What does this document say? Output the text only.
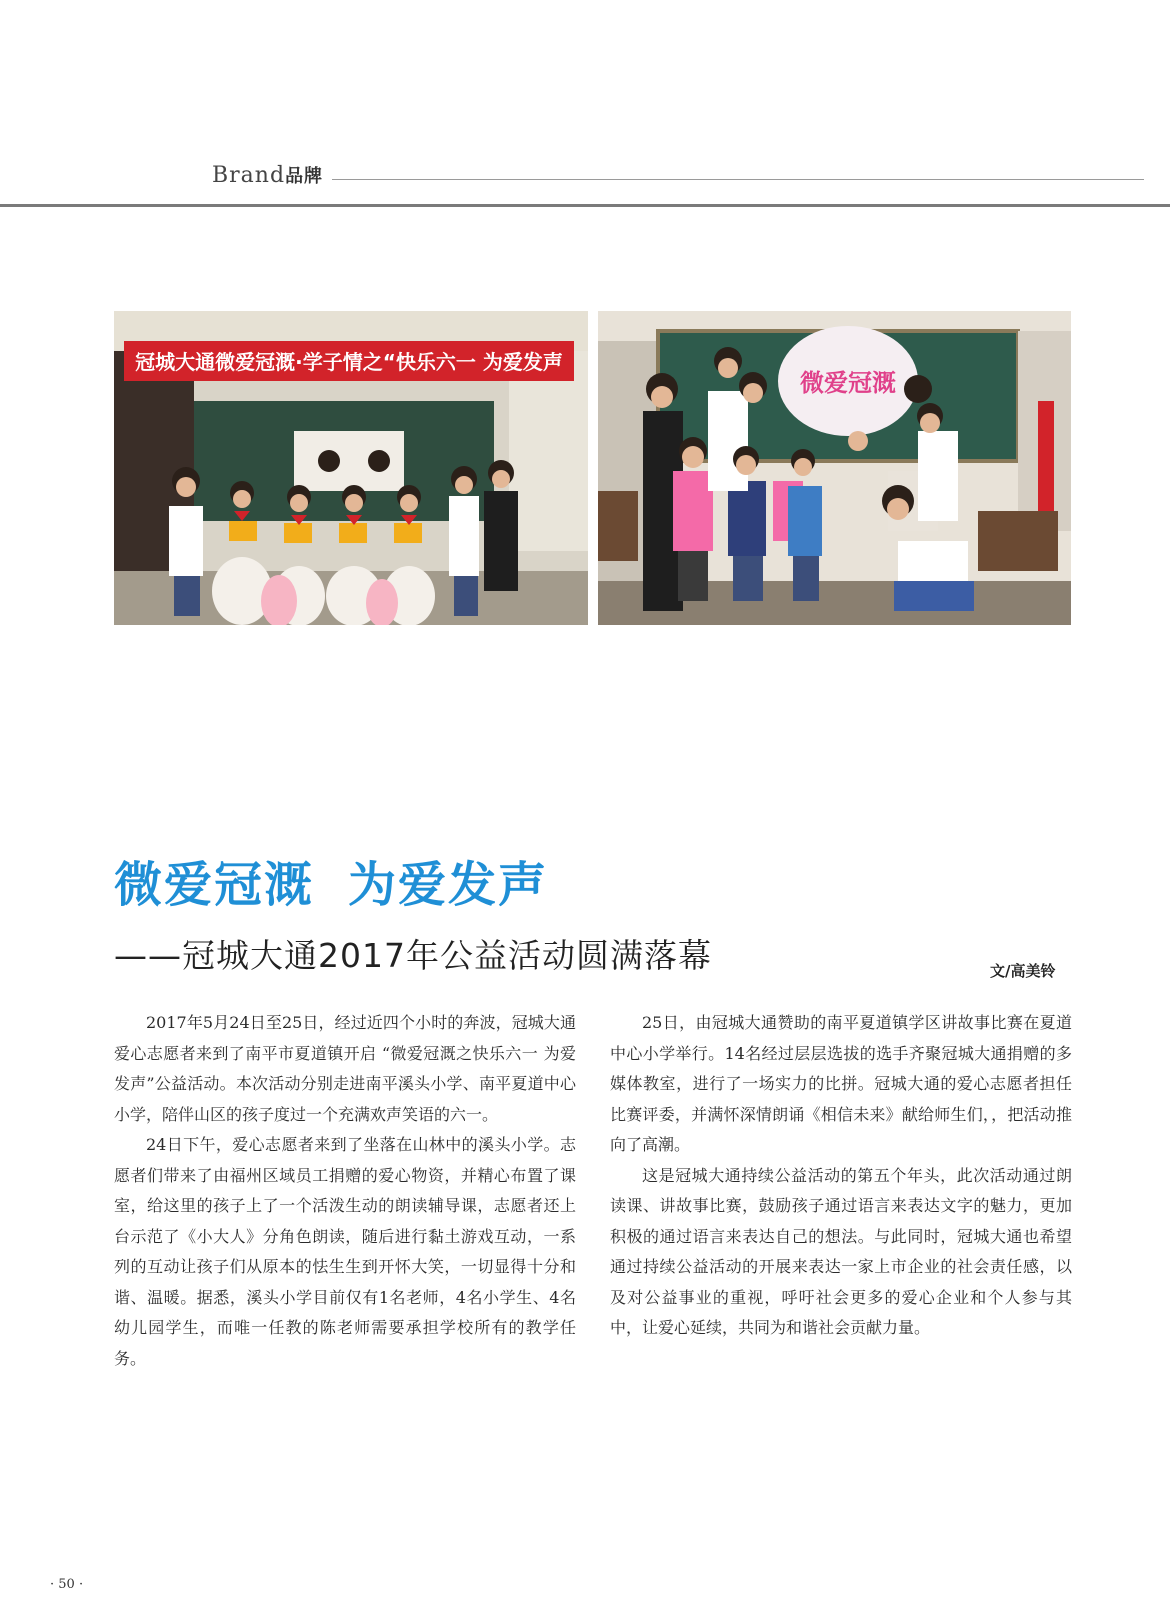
Brand品牌
冠城大通微爱冠溉·学子情之“快乐六一 为爱发声
微爱冠溉
微爱冠溉 为爱发声
——冠城大通2017年公益活动圆满落幕	文/高美铃

2017年5月24日至25日，经过近四个小时的奔波，冠城大通爱心志愿者来到了南平市夏道镇开启 “微爱冠溉之快乐六一 为爱发声”公益活动。本次活动分别走进南平溪头小学、南平夏道中心小学，陪伴山区的孩子度过一个充满欢声笑语的六一。

24日下午，爱心志愿者来到了坐落在山林中的溪头小学。志愿者们带来了由福州区域员工捐赠的爱心物资，并精心布置了课室，给这里的孩子上了一个活泼生动的朗读辅导课，志愿者还上台示范了《小大人》分角色朗读，随后进行黏土游戏互动，一系列的互动让孩子们从原本的怯生生到开怀大笑，一切显得十分和谐、温暖。据悉，溪头小学目前仅有1名老师，4名小学生、4名幼儿园学生，而唯一任教的陈老师需要承担学校所有的教学任务。

25日，由冠城大通赞助的南平夏道镇学区讲故事比赛在夏道中心小学举行。14名经过层层选拔的选手齐聚冠城大通捐赠的多媒体教室，进行了一场实力的比拼。冠城大通的爱心志愿者担任比赛评委，并满怀深情朗诵《相信未来》献给师生们，，把活动推向了高潮。

这是冠城大通持续公益活动的第五个年头，此次活动通过朗读课、讲故事比赛，鼓励孩子通过语言来表达文字的魅力，更加积极的通过语言来表达自己的想法。与此同时，冠城大通也希望通过持续公益活动的开展来表达一家上市企业的社会责任感，以及对公益事业的重视，呼吁社会更多的爱心企业和个人参与其中，让爱心延续，共同为和谐社会贡献力量。

· 50 ·
